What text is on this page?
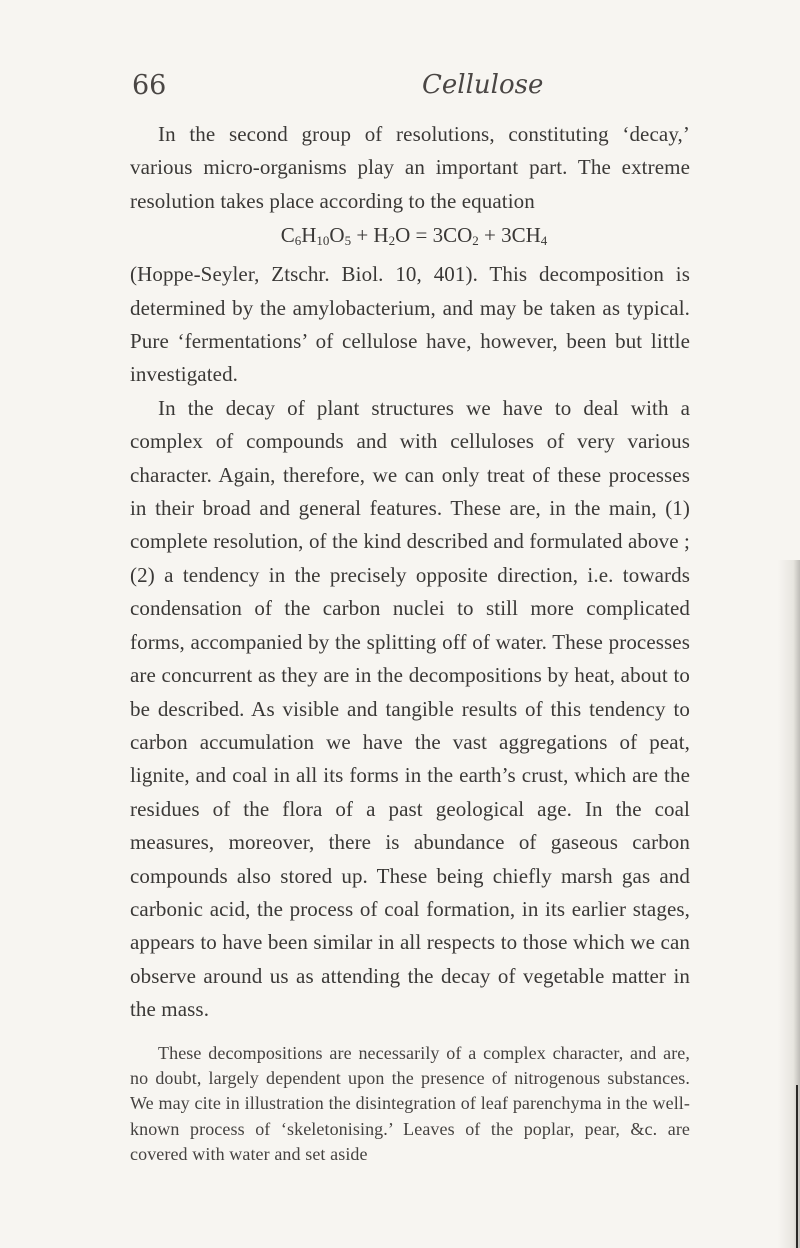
66	Cellulose

In the second group of resolutions, constituting ‘decay,’ various micro-organisms play an important part. The extreme resolution takes place according to the equation

$C_6H_{10}O_5 + H_2O = 3CO_2 + 3CH_4$

(Hoppe-Seyler, Ztschr. Biol. 10, 401). This decomposition is determined by the amylobacterium, and may be taken as typical. Pure ‘fermentations’ of cellulose have, however, been but little investigated.

In the decay of plant structures we have to deal with a complex of compounds and with celluloses of very various character. Again, therefore, we can only treat of these processes in their broad and general features. These are, in the main, (1) complete resolution, of the kind described and formulated above ; (2) a tendency in the precisely opposite direction, i.e. towards condensation of the carbon nuclei to still more complicated forms, accompanied by the splitting off of water. These processes are concurrent as they are in the decompositions by heat, about to be described. As visible and tangible results of this tendency to carbon accumulation we have the vast aggregations of peat, lignite, and coal in all its forms in the earth’s crust, which are the residues of the flora of a past geological age. In the coal measures, moreover, there is abundance of gaseous carbon compounds also stored up. These being chiefly marsh gas and carbonic acid, the process of coal formation, in its earlier stages, appears to have been similar in all respects to those which we can observe around us as attending the decay of vegetable matter in the mass.

These decompositions are necessarily of a complex character, and are, no doubt, largely dependent upon the presence of nitrogenous substances. We may cite in illustration the disintegration of leaf parenchyma in the well-known process of ‘skeletonising.’ Leaves of the poplar, pear, &c. are covered with water and set aside
